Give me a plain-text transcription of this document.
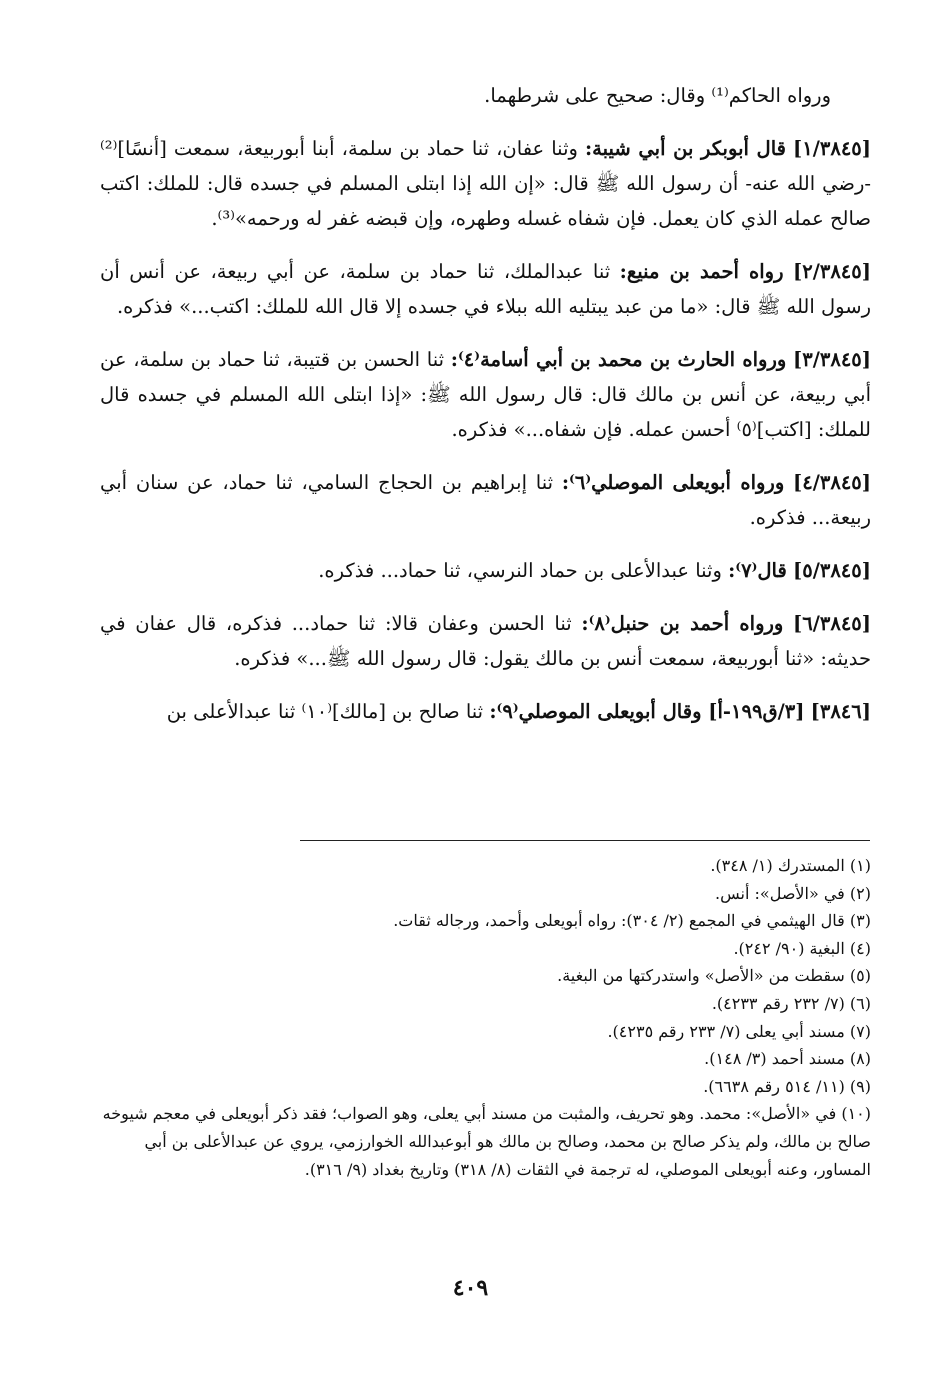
ورواه الحاكم⁽¹⁾ وقال: صحيح على شرطهما.

[١/٣٨٤٥] قال أبوبكر بن أبي شيبة: وثنا عفان، ثنا حماد بن سلمة، أبنا أبوربيعة، سمعت [أنسًا]⁽²⁾ -رضي الله عنه- أن رسول الله ﷺ قال: «إن الله إذا ابتلى المسلم في جسده قال: للملك: اكتب صالح عمله الذي كان يعمل. فإن شفاه غسله وطهره، وإن قبضه غفر له ورحمه»⁽³⁾.

[٢/٣٨٤٥] رواه أحمد بن منيع: ثنا عبدالملك، ثنا حماد بن سلمة، عن أبي ربيعة، عن أنس أن رسول الله ﷺ قال: «ما من عبد يبتليه الله ببلاء في جسده إلا قال الله للملك: اكتب...» فذكره.

[٣/٣٨٤٥] ورواه الحارث بن محمد بن أبي أسامة⁽٤⁾: ثنا الحسن بن قتيبة، ثنا حماد بن سلمة، عن أبي ربيعة، عن أنس بن مالك قال: قال رسول الله ﷺ: «إذا ابتلى الله المسلم في جسده قال للملك: [اكتب]⁽٥⁾ أحسن عمله. فإن شفاه...» فذكره.

[٤/٣٨٤٥] ورواه أبويعلى الموصلي⁽٦⁾: ثنا إبراهيم بن الحجاج السامي، ثنا حماد، عن سنان أبي ربيعة... فذكره.

[٥/٣٨٤٥] قال⁽٧⁾: وثنا عبدالأعلى بن حماد النرسي، ثنا حماد... فذكره.

[٦/٣٨٤٥] ورواه أحمد بن حنبل⁽٨⁾: ثنا الحسن وعفان قالا: ثنا حماد... فذكره، قال عفان في حديثه: «ثنا أبوربيعة، سمعت أنس بن مالك يقول: قال رسول الله ﷺ...» فذكره.

[٣٨٤٦] [٣/ق١٩٩-أ] وقال أبويعلى الموصلي⁽٩⁾: ثنا صالح بن [مالك]⁽١٠⁾ ثنا عبدالأعلى بن

(١) المستدرك (١/ ٣٤٨).

(٢) في «الأصل»: أنس.

(٣) قال الهيثمي في المجمع (٢/ ٣٠٤): رواه أبويعلى وأحمد، ورجاله ثقات.

(٤) البغية (٩٠/ ٢٤٢).

(٥) سقطت من «الأصل» واستدركتها من البغية.

(٦) (٧/ ٢٣٢ رقم ٤٢٣٣).

(٧) مسند أبي يعلى (٧/ ٢٣٣ رقم ٤٢٣٥).

(٨) مسند أحمد (٣/ ١٤٨).

(٩) (١١/ ٥١٤ رقم ٦٦٣٨).

(١٠) في «الأصل»: محمد. وهو تحريف، والمثبت من مسند أبي يعلى، وهو الصواب؛ فقد ذكر أبويعلى في معجم شيوخه صالح بن مالك، ولم يذكر صالح بن محمد، وصالح بن مالك هو أبوعبدالله الخوارزمي، يروي عن عبدالأعلى بن أبي المساور، وعنه أبويعلى الموصلي، له ترجمة في الثقات (٨/ ٣١٨) وتاريخ بغداد (٩/ ٣١٦).

٤٠٩
